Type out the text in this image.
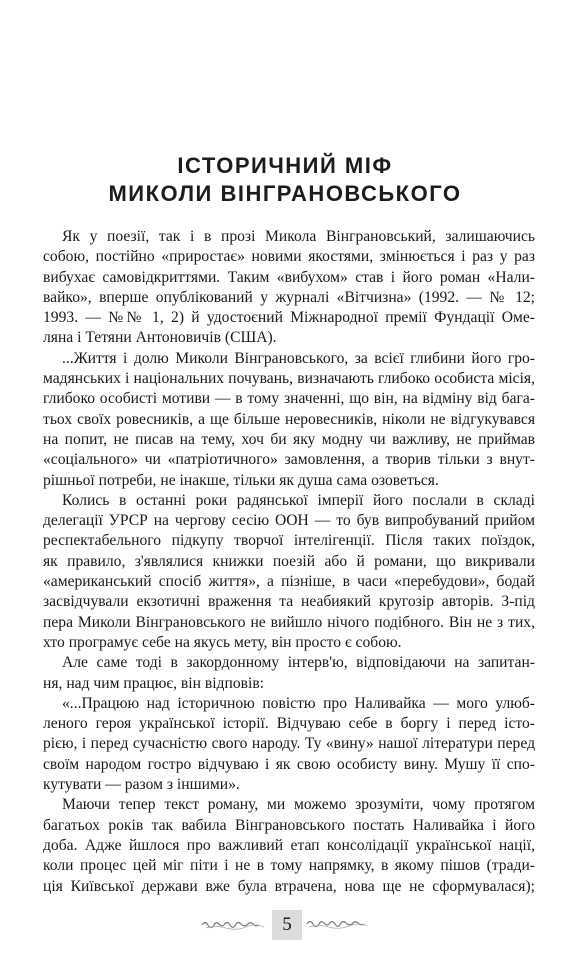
ІСТОРИЧНИЙ МІФ
МИКОЛИ ВІНГРАНОВСЬКОГО
Як у поезії, так і в прозі Микола Вінграновський, залишаючись
собою, постійно «приростає» новими якостями, змінюється і раз у раз
вибухає самовідкриттями. Таким «вибухом» став і його роман «Нали-
вайко», вперше опублікований у журналі «Вітчизна» (1992. — № 12;
1993. — №№ 1, 2) й удостоєний Міжнародної премії Фундації Оме-
ляна і Тетяни Антоновичів (США).
...Життя і долю Миколи Вінграновського, за всієї глибини його гро-
мадянських і національних почувань, визначають глибоко особиста місія,
глибоко особисті мотиви — в тому значенні, що він, на відміну від бага-
тьох своїх ровесників, а ще більше неровесників, ніколи не відгукувався
на попит, не писав на тему, хоч би яку модну чи важливу, не приймав
«соціального» чи «патріотичного» замовлення, а творив тільки з внут-
рішньої потреби, не інакше, тільки як душа сама озоветься.
Колись в останні роки радянської імперії його послали в складі
делегації УРСР на чергову сесію ООН — то був випробуваний прийом
респектабельного підкупу творчої інтелігенції. Після таких поїздок,
як правило, з'являлися книжки поезій або й романи, що викривали
«американський спосіб життя», а пізніше, в часи «перебудови», бодай
засвідчували екзотичні враження та неабиякий кругозір авторів. З-під
пера Миколи Вінграновського не вийшло нічого подібного. Він не з тих,
хто програмує себе на якусь мету, він просто є собою.
Але саме тоді в закордонному інтерв'ю, відповідаючи на запитан-
ня, над чим працює, він відповів:
«...Працюю над історичною повістю про Наливайка — мого улюб-
леного героя української історії. Відчуваю себе в боргу і перед істо-
рією, і перед сучасністю свого народу. Ту «вину» нашої літератури перед
своїм народом гостро відчуваю і як свою особисту вину. Мушу її спо-
кутувати — разом з іншими».
Маючи тепер текст роману, ми можемо зрозуміти, чому протягом
багатьох років так вабила Вінграновського постать Наливайка і його
доба. Адже йшлося про важливий етап консолідації української нації,
коли процес цей міг піти і не в тому напрямку, в якому пішов (тради-
ція Київської держави вже була втрачена, нова ще не сформувалася);
5
